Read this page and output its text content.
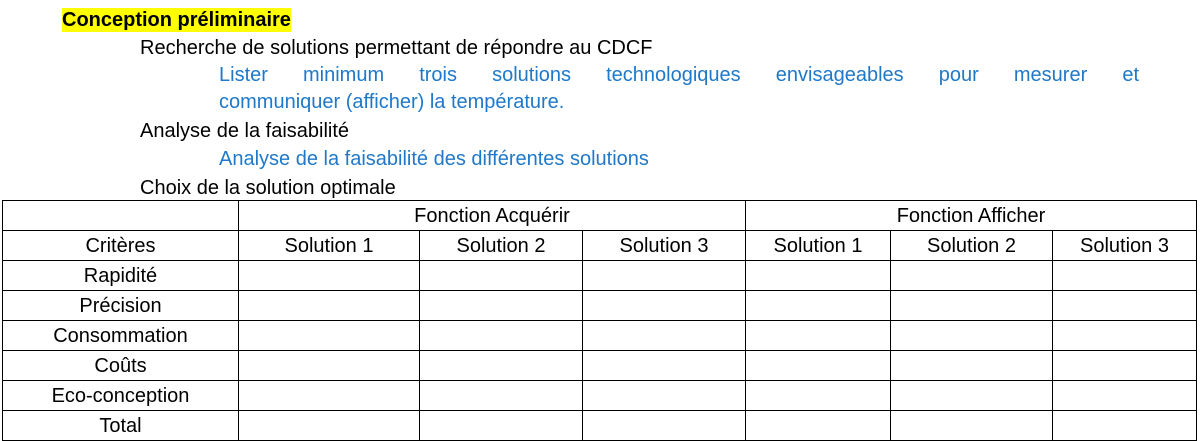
Conception préliminaire
Recherche de solutions permettant de répondre au CDCF
Lister minimum trois solutions technologiques envisageables pour mesurer et
communiquer (afficher) la température.
Analyse de la faisabilité
Analyse de la faisabilité des différentes solutions
Choix de la solution optimale
	Fonction Acquérir			Fonction Afficher		
Critères	Solution 1	Solution 2	Solution 3	Solution 1	Solution 2	Solution 3
Rapidité						
Précision						
Consommation						
Coûts						
Eco-conception						
Total						
